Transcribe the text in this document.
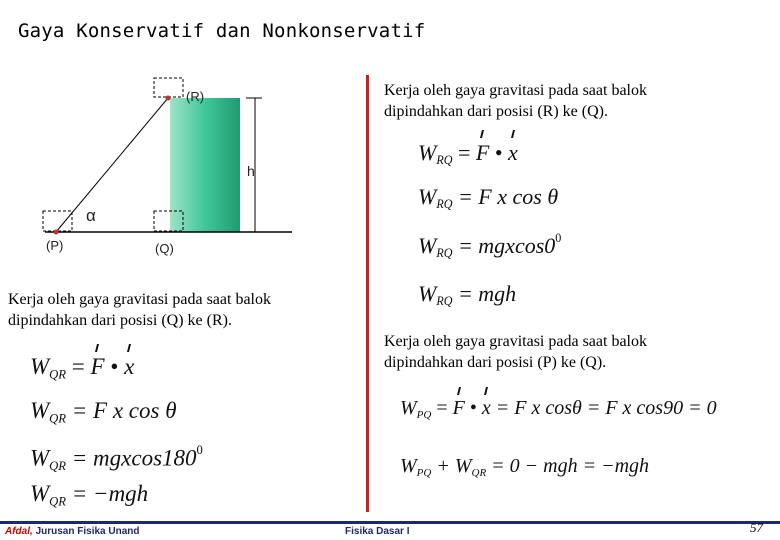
Gaya Konservatif dan Nonkonservatif
(R)
(P)	(Q)
h
α
Kerja oleh gaya gravitasi pada saat balok dipindahkan dari posisi (R) ke (Q).
Kerja oleh gaya gravitasi pada saat balok dipindahkan dari posisi (Q) ke (R).
Kerja oleh gaya gravitasi pada saat balok dipindahkan dari posisi (P) ke (Q).
$W_{RQ} = F$ • x
$W_{RQ} = F$ x cos θ
$W_{RQ} = mgxcos0^0$
$W_{RQ}$ = mgh
$W_{QR} = F$ • x
$W_{QR} = F$ x cos θ
$W_{QR} = mgxcos180^0$
$W_{QR} = -mgh$
$W_{PQ} = F$ • x = F x cosθ = F x cos90 = 0
$W_{PQ} + W_{QR} = 0$ − mgh = −mgh
Afdal, Jurusan Fisika Unand	Fisika Dasar I	57
